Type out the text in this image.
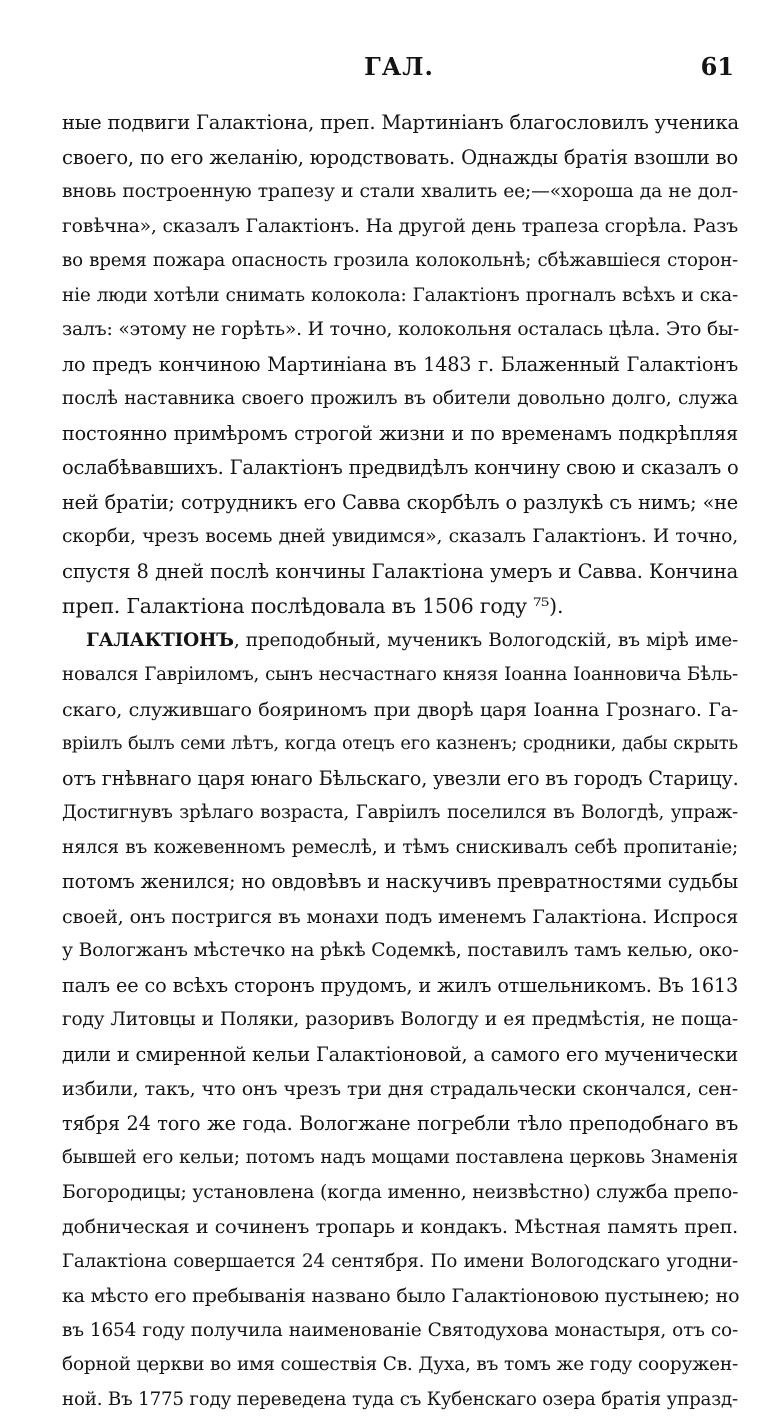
ГАЛ.	61
ные подвиги Галактіона, преп. Мартиніанъ благословилъ ученика
своего, по его желанію, юродствовать. Однажды братія взошли во
вновь построенную трапезу и стали хвалить ее;—«хороша да не дол-
говѣчна», сказалъ Галактіонъ. На другой день трапеза сгорѣла. Разъ
во время пожара опасность грозила колокольнѣ; сбѣжавшіеся сторон-
ніе люди хотѣли снимать колокола: Галактіонъ прогналъ всѣхъ и ска-
залъ: «этому не горѣть». И точно, колокольня осталась цѣла. Это бы-
ло предъ кончиною Мартиніана въ 1483 г. Блаженный Галактіонъ
послѣ наставника своего прожилъ въ обители довольно долго, служа
постоянно примѣромъ строгой жизни и по временамъ подкрѣпляя
ослабѣвавшихъ. Галактіонъ предвидѣлъ кончину свою и сказалъ о
ней братіи; сотрудникъ его Савва скорбѣлъ о разлукѣ съ нимъ; «не
скорби, чрезъ восемь дней увидимся», сказалъ Галактіонъ. И точно,
спустя 8 дней послѣ кончины Галактіона умеръ и Савва. Кончина
преп. Галактіона послѣдовала въ 1506 году ⁷⁵).
ГАЛАКТІОНЪ, преподобный, мученикъ Вологодскій, въ мірѣ име-
новался Гавріиломъ, сынъ несчастнаго князя Іоанна Іоанновича Бѣль-
скаго, служившаго бояриномъ при дворѣ царя Іоанна Грознаго. Га-
вріилъ былъ семи лѣтъ, когда отецъ его казненъ; сродники, дабы скрыть
отъ гнѣвнаго царя юнаго Бѣльскаго, увезли его въ городъ Старицу.
Достигнувъ зрѣлаго возраста, Гавріилъ поселился въ Вологдѣ, упраж-
нялся въ кожевенномъ ремеслѣ, и тѣмъ снискивалъ себѣ пропитаніе;
потомъ женился; но овдовѣвъ и наскучивъ превратностями судьбы
своей, онъ постригся въ монахи подъ именемъ Галактіона. Испрося
у Вологжанъ мѣстечко на рѣкѣ Содемкѣ, поставилъ тамъ келью, око-
палъ ее со всѣхъ сторонъ прудомъ, и жилъ отшельникомъ. Въ 1613
году Литовцы и Поляки, разоривъ Вологду и ея предмѣстія, не поща-
дили и смиренной кельи Галактіоновой, а самого его мученически
избили, такъ, что онъ чрезъ три дня страдальчески скончался, сен-
тября 24 того же года. Вологжане погребли тѣло преподобнаго въ
бывшей его кельи; потомъ надъ мощами поставлена церковь Знаменія
Богородицы; установлена (когда именно, неизвѣстно) служба препо-
добническая и сочиненъ тропарь и кондакъ. Мѣстная память преп.
Галактіона совершается 24 сентября. По имени Вологодскаго угодни-
ка мѣсто его пребыванія названо было Галактіоновою пустынею; но
въ 1654 году получила наименованіе Святодухова монастыря, отъ со-
борной церкви во имя сошествія Св. Духа, въ томъ же году сооружен-
ной. Въ 1775 году переведена туда съ Кубенскаго озера братія упразд-
